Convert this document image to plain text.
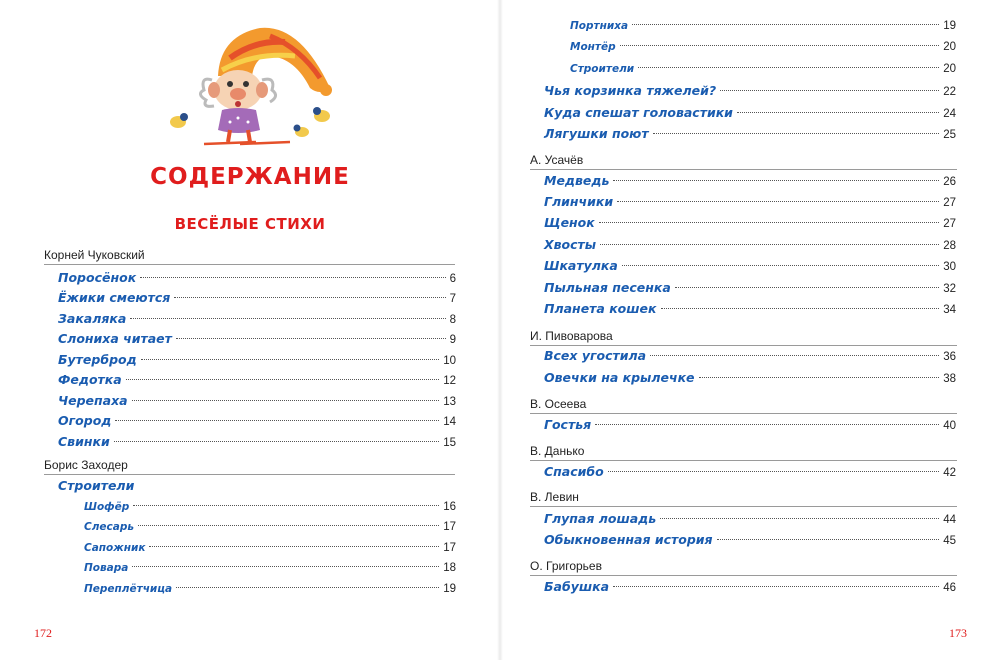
СОДЕРЖАНИЕ
ВЕСЁЛЫЕ СТИХИ
Корней Чуковский
Поросёнок	6
Ёжики смеются	7
Закаляка	8
Слониха читает	9
Бутерброд	10
Федотка	12
Черепаха	13
Огород	14
Свинки	15
Борис Заходер
Строители
Шофёр	16
Слесарь	17
Сапожник	17
Повара	18
Переплётчица	19
172
Портниха	19
Монтёр	20
Строители	20
Чья корзинка тяжелей?	22
Куда спешат головастики	24
Лягушки поют	25
А. Усачёв
Медведь	26
Глинчики	27
Щенок	27
Хвосты	28
Шкатулка	30
Пыльная песенка	32
Планета кошек	34
И. Пивоварова
Всех угостила	36
Овечки на крылечке	38
В. Осеева
Гостья	40
В. Данько
Спасибо	42
В. Левин
Глупая лошадь	44
Обыкновенная история	45
О. Григорьев
Бабушка	46
173
